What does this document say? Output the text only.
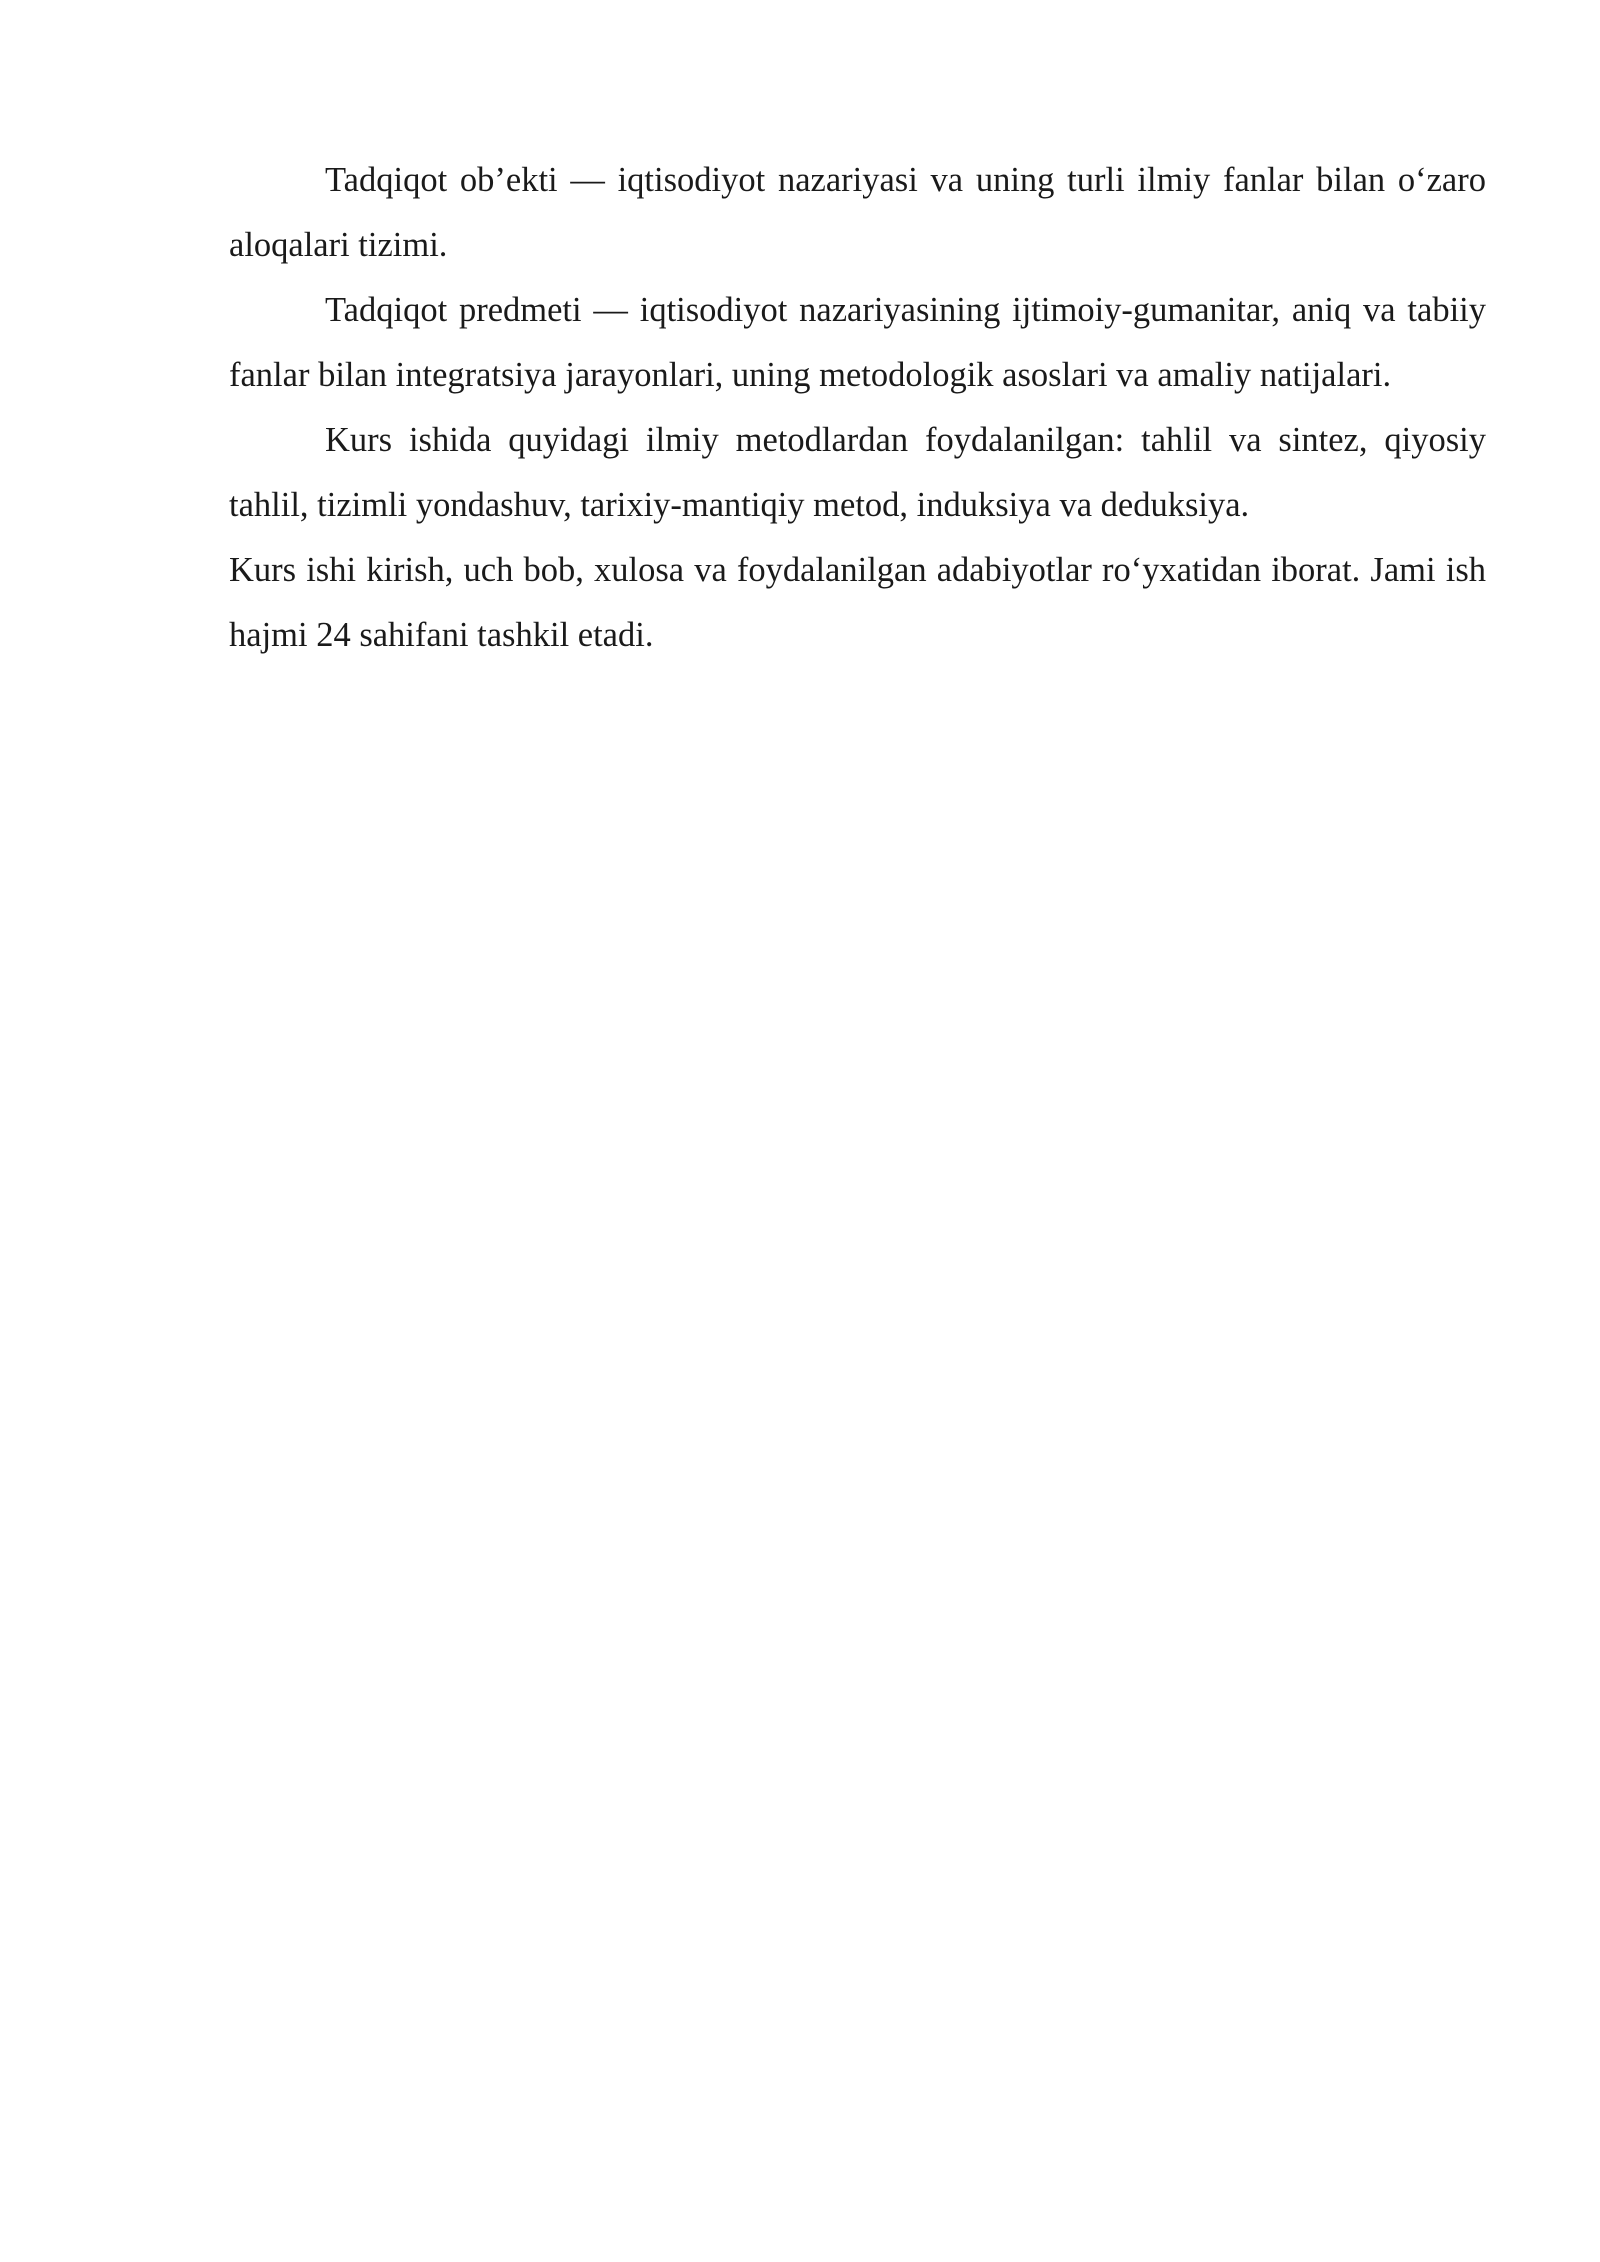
Tadqiqot ob’ekti — iqtisodiyot nazariyasi va uning turli ilmiy fanlar bilan o‘zaro aloqalari tizimi.

Tadqiqot predmeti — iqtisodiyot nazariyasining ijtimoiy-gumanitar, aniq va tabiiy fanlar bilan integratsiya jarayonlari, uning metodologik asoslari va amaliy natijalari.

Kurs ishida quyidagi ilmiy metodlardan foydalanilgan: tahlil va sintez, qiyosiy tahlil, tizimli yondashuv, tarixiy-mantiqiy metod, induksiya va deduksiya.

Kurs ishi kirish, uch bob, xulosa va foydalanilgan adabiyotlar ro‘yxatidan iborat. Jami ish hajmi 24 sahifani tashkil etadi.
